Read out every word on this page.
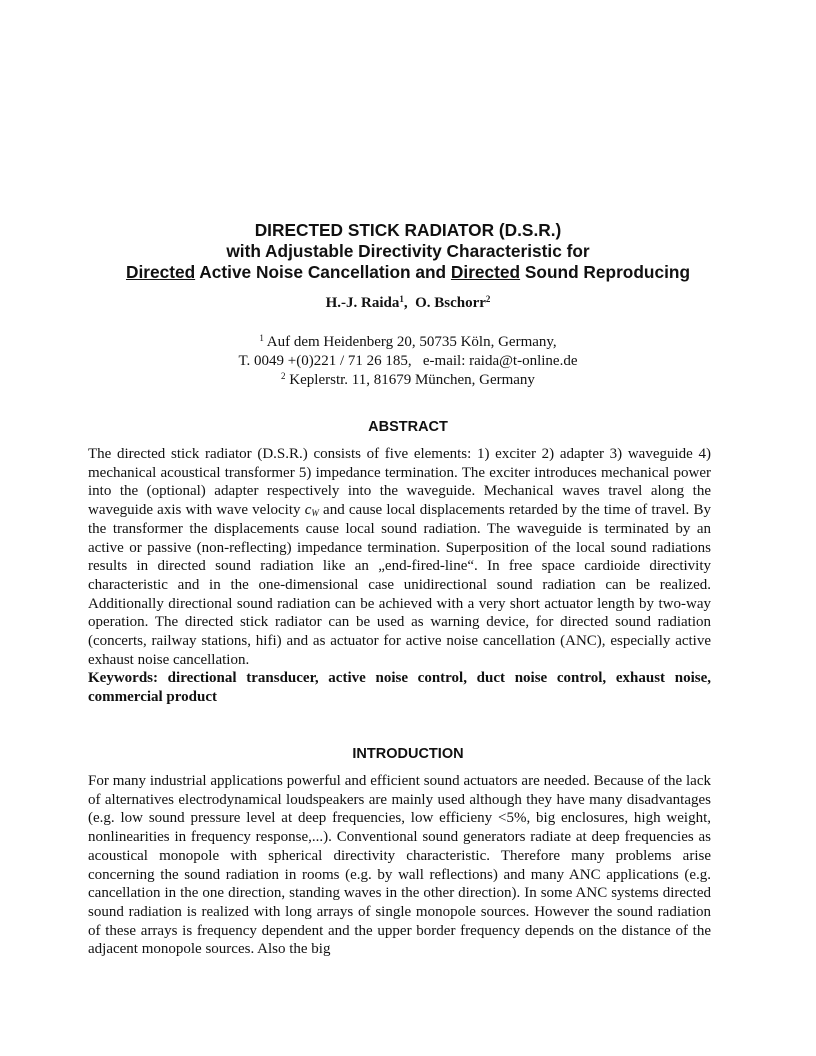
DIRECTED STICK RADIATOR (D.S.R.)
with Adjustable Directivity Characteristic for
Directed Active Noise Cancellation and Directed Sound Reproducing
H.-J. Raida$^1$,  O. Bschorr$^2$
$^1$ Auf dem Heidenberg 20, 50735 Köln, Germany,
T. 0049 +(0)221 / 71 26 185,   e-mail: raida@t-online.de
$^2$ Keplerstr. 11, 81679 München, Germany
ABSTRACT

The directed stick radiator (D.S.R.) consists of five elements: 1) exciter 2) adapter 3) waveguide 4) mechanical acoustical transformer 5) impedance termination. The exciter introduces mechanical power into the (optional) adapter respectively into the waveguide. Mechanical waves travel along the waveguide axis with wave velocity $c_W$ and cause local displacements retarded by the time of travel. By the transformer the displacements cause local sound radiation. The waveguide is terminated by an active or passive (non-reflecting) impedance termination. Superposition of the local sound radiations results in directed sound radiation like an „end-fired-line“. In free space cardioide directivity characteristic and in the one-dimensional case unidirectional sound radiation can be realized. Additionally directional sound radiation can be achieved with a very short actuator length by two-way operation. The directed stick radiator can be used as warning device, for directed sound radiation (concerts, railway stations, hifi) and as actuator for active noise cancellation (ANC), especially active exhaust noise cancellation.

Keywords: directional transducer, active noise control, duct noise control, exhaust noise, commercial product

INTRODUCTION

For many industrial applications powerful and efficient sound actuators are needed. Because of the lack of alternatives electrodynamical loudspeakers are mainly used although they have many disadvantages (e.g. low sound pressure level at deep frequencies, low efficieny <5%, big enclosures, high weight, nonlinearities in frequency response,...). Conventional sound generators radiate at deep frequencies as acoustical monopole with spherical directivity characteristic. Therefore many problems arise concerning the sound radiation in rooms (e.g. by wall reflections) and many ANC applications (e.g. cancellation in the one direction, standing waves in the other direction). In some ANC systems directed sound radiation is realized with long arrays of single monopole sources. However the sound radiation of these arrays is frequency dependent and the upper border frequency depends on the distance of the adjacent monopole sources. Also the big
